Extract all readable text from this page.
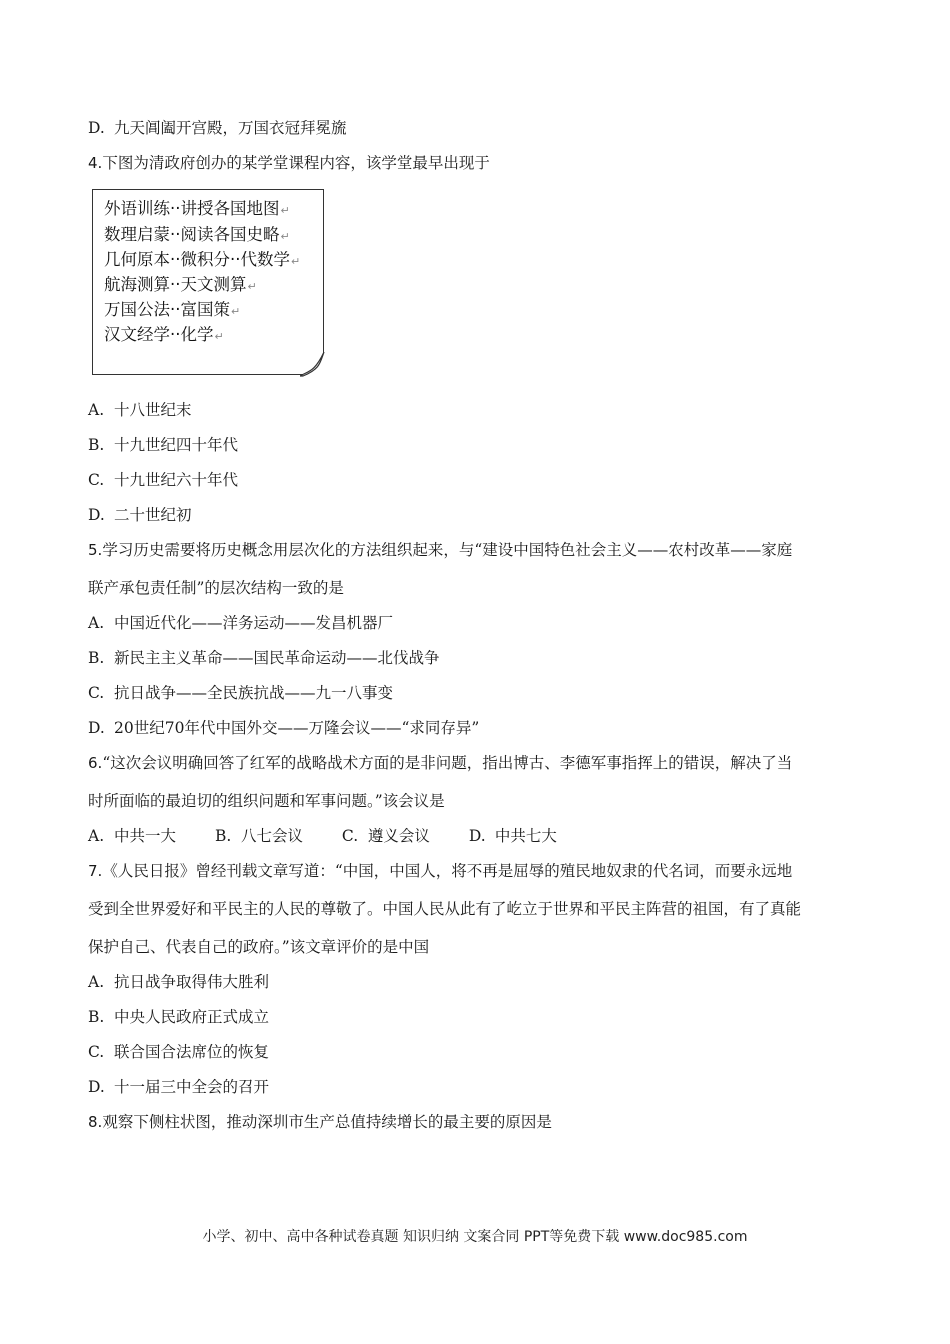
D. 九天阊阖开宫殿，万国衣冠拜冕旒
4.下图为清政府创办的某学堂课程内容，该学堂最早出现于
外语训练··讲授各国地图↵
数理启蒙··阅读各国史略↵
几何原本··微积分··代数学↵
航海测算··天文测算↵
万国公法··富国策↵
汉文经学··化学↵
A. 十八世纪末
B. 十九世纪四十年代
C. 十九世纪六十年代
D. 二十世纪初
5.学习历史需要将历史概念用层次化的方法组织起来，与“建设中国特色社会主义——农村改革——家庭
联产承包责任制”的层次结构一致的是
A. 中国近代化——洋务运动——发昌机器厂
B. 新民主主义革命——国民革命运动——北伐战争
C. 抗日战争——全民族抗战——九一八事变
D. 20世纪70年代中国外交——万隆会议——“求同存异”
6.“这次会议明确回答了红军的战略战术方面的是非问题，指出博古、李德军事指挥上的错误，解决了当
时所面临的最迫切的组织问题和军事问题。”该会议是
A. 中共一大	B. 八七会议	C. 遵义会议	D. 中共七大
7.《人民日报》曾经刊载文章写道：“中国，中国人，将不再是屈辱的殖民地奴隶的代名词，而要永远地
受到全世界爱好和平民主的人民的尊敬了。中国人民从此有了屹立于世界和平民主阵营的祖国，有了真能
保护自己、代表自己的政府。”该文章评价的是中国
A. 抗日战争取得伟大胜利
B. 中央人民政府正式成立
C. 联合国合法席位的恢复
D. 十一届三中全会的召开
8.观察下侧柱状图，推动深圳市生产总值持续增长的最主要的原因是
小学、初中、高中各种试卷真题 知识归纳 文案合同 PPT等免费下载 www.doc985.com
